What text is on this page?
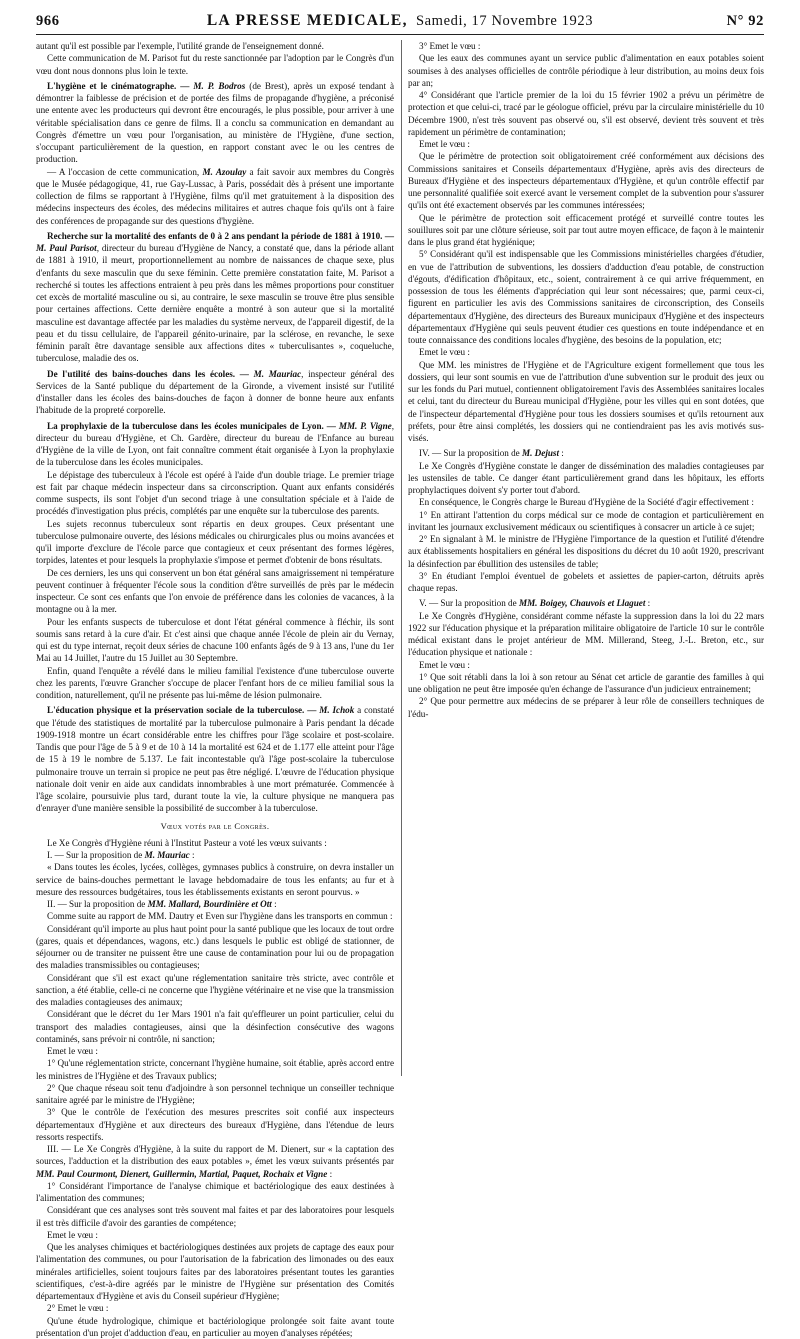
966	LA PRESSE MEDICALE, Samedi, 17 Novembre 1923	N° 92

autant qu'il est possible par l'exemple, l'utilité grande de l'enseignement donné.

Cette communication de M. Parisot fut du reste sanctionnée par l'adoption par le Congrès d'un vœu dont nous donnons plus loin le texte.

L'hygiène et le cinématographe. — M. P. Bodros (de Brest), après un exposé tendant à démontrer la faiblesse de précision et de portée des films de propagande d'hygiène, a préconisé une entente avec les producteurs qui devront être encouragés, le plus possible, pour arriver à une véritable spécialisation dans ce genre de films. Il a conclu sa communication en demandant au Congrès d'émettre un vœu pour l'organisation, au ministère de l'Hygiène, d'une section, s'occupant particulièrement de la question, en rapport constant avec le ou les centres de production.

— A l'occasion de cette communication, M. Azoulay a fait savoir aux membres du Congrès que le Musée pédagogique, 41, rue Gay-Lussac, à Paris, possédait dès à présent une importante collection de films se rapportant à l'Hygiène, films qu'il met gratuitement à la disposition des médecins inspecteurs des écoles, des médecins militaires et autres chaque fois qu'ils ont à faire des conférences de propagande sur des questions d'hygiène.

Recherche sur la mortalité des enfants de 0 à 2 ans pendant la période de 1881 à 1910. — M. Paul Parisot, directeur du bureau d'Hygiène de Nancy, a constaté que, dans la période allant de 1881 à 1910, il meurt, proportionnellement au nombre de naissances de chaque sexe, plus d'enfants du sexe masculin que du sexe féminin. Cette première constatation faite, M. Parisot a recherché si toutes les affections entraient à peu près dans les mêmes proportions pour constituer cet excès de mortalité masculine ou si, au contraire, le sexe masculin se trouve être plus sensible pour certaines affections. Cette dernière enquête a montré à son auteur que si la mortalité masculine est davantage affectée par les maladies du système nerveux, de l'appareil digestif, de la peau et du tissu cellulaire, de l'appareil génito-urinaire, par la sclérose, en revanche, le sexe féminin paraît être davantage sensible aux affections dites « tuberculisantes », coqueluche, tuberculose, maladie des os.

De l'utilité des bains-douches dans les écoles. — M. Mauriac, inspecteur général des Services de la Santé publique du département de la Gironde, a vivement insisté sur l'utilité d'installer dans les écoles des bains-douches de façon à donner de bonne heure aux enfants l'habitude de la propreté corporelle.

La prophylaxie de la tuberculose dans les écoles municipales de Lyon. — MM. P. Vigne, directeur du bureau d'Hygiène, et Ch. Gardère, directeur du bureau de l'Enfance au bureau d'Hygiène de la ville de Lyon, ont fait connaître comment était organisée à Lyon la prophylaxie de la tuberculose dans les écoles municipales.

Le dépistage des tuberculeux à l'école est opéré à l'aide d'un double triage. Le premier triage est fait par chaque médecin inspecteur dans sa circonscription. Quant aux enfants considérés comme suspects, ils sont l'objet d'un second triage à une consultation spéciale et à l'aide de procédés d'investigation plus précis, complétés par une enquête sur la tuberculose des parents.

Les sujets reconnus tuberculeux sont répartis en deux groupes. Ceux présentant une tuberculose pulmonaire ouverte, des lésions médicales ou chirurgicales plus ou moins avancées et qu'il importe d'exclure de l'école parce que contagieux et ceux présentant des formes légères, torpides, latentes et pour lesquels la prophylaxie s'impose et permet d'obtenir de bons résultats.

De ces derniers, les uns qui conservent un bon état général sans amaigrissement ni température peuvent continuer à fréquenter l'école sous la condition d'être surveillés de près par le médecin inspecteur. Ce sont ces enfants que l'on envoie de préférence dans les colonies de vacances, à la montagne ou à la mer.

Pour les enfants suspects de tuberculose et dont l'état général commence à fléchir, ils sont soumis sans retard à la cure d'air. Et c'est ainsi que chaque année l'école de plein air du Vernay, qui est du type internat, reçoit deux séries de chacune 100 enfants âgés de 9 à 13 ans, l'une du 1er Mai au 14 Juillet, l'autre du 15 Juillet au 30 Septembre.

Enfin, quand l'enquête a révélé dans le milieu familial l'existence d'une tuberculose ouverte chez les parents, l'œuvre Grancher s'occupe de placer l'enfant hors de ce milieu familial sous la condition, naturellement, qu'il ne présente pas lui-même de lésion pulmonaire.

L'éducation physique et la préservation sociale de la tuberculose. — M. Ichok a constaté que l'étude des statistiques de mortalité par la tuberculose pulmonaire à Paris pendant la décade 1909-1918 montre un écart considérable entre les chiffres pour l'âge scolaire et post-scolaire. Tandis que pour l'âge de 5 à 9 et de 10 à 14 la mortalité est 624 et de 1.177 elle atteint pour l'âge de 15 à 19 le nombre de 5.137. Le fait incontestable qu'à l'âge post-scolaire la tuberculose pulmonaire trouve un terrain si propice ne peut pas être négligé. L'œuvre de l'éducation physique nationale doit venir en aide aux candidats innombrables à une mort prématurée. Commencée à l'âge scolaire, poursuivie plus tard, durant toute la vie, la culture physique ne manquera pas d'enrayer d'une manière sensible la possibilité de succomber à la tuberculose.

Vœux votés par le Congrès.

Le Xe Congrès d'Hygiène réuni à l'Institut Pasteur a voté les vœux suivants :

I. — Sur la proposition de M. Mauriac :

« Dans toutes les écoles, lycées, collèges, gymnases publics à construire, on devra installer un service de bains-douches permettant le lavage hebdomadaire de tous les enfants; au fur et à mesure des ressources budgétaires, tous les établissements existants en seront pourvus. »

II. — Sur la proposition de MM. Mallard, Bourdinière et Ott :

Comme suite au rapport de MM. Dautry et Even sur l'hygiène dans les transports en commun :

Considérant qu'il importe au plus haut point pour la santé publique que les locaux de tout ordre (gares, quais et dépendances, wagons, etc.) dans lesquels le public est obligé de stationner, de séjourner ou de transiter ne puissent être une cause de contamination pour lui ou de propagation des maladies transmissibles ou contagieuses;

Considérant que s'il est exact qu'une réglementation sanitaire très stricte, avec contrôle et sanction, a été établie, celle-ci ne concerne que l'hygiène vétérinaire et ne vise que la transmission des maladies contagieuses des animaux;

Considérant que le décret du 1er Mars 1901 n'a fait qu'effleurer un point particulier, celui du transport des maladies contagieuses, ainsi que la désinfection consécutive des wagons contaminés, sans prévoir ni contrôle, ni sanction;

Emet le vœu :

1° Qu'une réglementation stricte, concernant l'hygiène humaine, soit établie, après accord entre les ministres de l'Hygiène et des Travaux publics;

2° Que chaque réseau soit tenu d'adjoindre à son personnel technique un conseiller technique sanitaire agréé par le ministre de l'Hygiène;

3° Que le contrôle de l'exécution des mesures prescrites soit confié aux inspecteurs départementaux d'Hygiène et aux directeurs des bureaux d'Hygiène, dans l'étendue de leurs ressorts respectifs.

III. — Le Xe Congrès d'Hygiène, à la suite du rapport de M. Dienert, sur « la captation des sources, l'adduction et la distribution des eaux potables », émet les vœux suivants présentés par MM. Paul Courmont, Dienert, Guillermin, Martial, Paquet, Rochaix et Vigne :

1° Considérant l'importance de l'analyse chimique et bactériologique des eaux destinées à l'alimentation des communes;

Considérant que ces analyses sont très souvent mal faites et par des laboratoires pour lesquels il est très difficile d'avoir des garanties de compétence;

Emet le vœu :

Que les analyses chimiques et bactériologiques destinées aux projets de captage des eaux pour l'alimentation des communes, ou pour l'autorisation de la fabrication des limonades ou des eaux minérales artificielles, soient toujours faites par des laboratoires présentant toutes les garanties scientifiques, c'est-à-dire agréés par le ministre de l'Hygiène sur présentation des Comités départementaux d'Hygiène et avis du Conseil supérieur d'Hygiène;

2° Emet le vœu :

Qu'une étude hydrologique, chimique et bactériologique prolongée soit faite avant toute présentation d'un projet d'adduction d'eau, en particulier au moyen d'analyses répétées;

3° Emet le vœu :

Que les eaux des communes ayant un service public d'alimentation en eaux potables soient soumises à des analyses officielles de contrôle périodique à leur distribution, au moins deux fois par an;

4° Considérant que l'article premier de la loi du 15 février 1902 a prévu un périmètre de protection et que celui-ci, tracé par le géologue officiel, prévu par la circulaire ministérielle du 10 Décembre 1900, n'est très souvent pas observé ou, s'il est observé, devient très souvent et très rapidement un périmètre de contamination;

Emet le vœu :

Que le périmètre de protection soit obligatoirement créé conformément aux décisions des Commissions sanitaires et Conseils départementaux d'Hygiène, après avis des directeurs de Bureaux d'Hygiène et des inspecteurs départementaux d'Hygiène, et qu'un contrôle effectif par une personnalité qualifiée soit exercé avant le versement complet de la subvention pour s'assurer qu'ils ont été exactement observés par les communes intéressées;

Que le périmètre de protection soit efficacement protégé et surveillé contre toutes les souillures soit par une clôture sérieuse, soit par tout autre moyen efficace, de façon à le maintenir dans le plus grand état hygiénique;

5° Considérant qu'il est indispensable que les Commissions ministérielles chargées d'étudier, en vue de l'attribution de subventions, les dossiers d'adduction d'eau potable, de construction d'égouts, d'édification d'hôpitaux, etc., soient, contrairement à ce qui arrive fréquemment, en possession de tous les éléments d'appréciation qui leur sont nécessaires; que, parmi ceux-ci, figurent en particulier les avis des Commissions sanitaires de circonscription, des Conseils départementaux d'Hygiène, des directeurs des Bureaux municipaux d'Hygiène et des inspecteurs départementaux d'Hygiène qui seuls peuvent étudier ces questions en toute indépendance et en toute connaissance des conditions locales d'hygiène, des besoins de la population, etc;

Emet le vœu :

Que MM. les ministres de l'Hygiène et de l'Agriculture exigent formellement que tous les dossiers, qui leur sont soumis en vue de l'attribution d'une subvention sur le produit des jeux ou sur les fonds du Pari mutuel, contiennent obligatoirement l'avis des Assemblées sanitaires locales et celui, tant du directeur du Bureau municipal d'Hygiène, pour les villes qui en sont dotées, que de l'inspecteur départemental d'Hygiène pour tous les dossiers soumises et qu'ils retournent aux préfets, pour être ainsi complétés, les dossiers qui ne contiendraient pas les avis motivés sus-visés.

IV. — Sur la proposition de M. Dejust :

Le Xe Congrès d'Hygiène constate le danger de dissémination des maladies contagieuses par les ustensiles de table. Ce danger étant particulièrement grand dans les hôpitaux, les efforts prophylactiques doivent s'y porter tout d'abord.

En conséquence, le Congrès charge le Bureau d'Hygiène de la Société d'agir effectivement :

1° En attirant l'attention du corps médical sur ce mode de contagion et particulièrement en invitant les journaux exclusivement médicaux ou scientifiques à consacrer un article à ce sujet;

2° En signalant à M. le ministre de l'Hygiène l'importance de la question et l'utilité d'étendre aux établissements hospitaliers en général les dispositions du décret du 10 août 1920, prescrivant la désinfection par ébullition des ustensiles de table;

3° En étudiant l'emploi éventuel de gobelets et assiettes de papier-carton, détruits après chaque repas.

V. — Sur la proposition de MM. Boigey, Chauvois et Llaguet :

Le Xe Congrès d'Hygiène, considérant comme néfaste la suppression dans la loi du 22 mars 1922 sur l'éducation physique et la préparation militaire obligatoire de l'article 10 sur le contrôle médical existant dans le projet antérieur de MM. Millerand, Steeg, J.-L. Breton, etc., sur l'éducation physique et nationale :

Emet le vœu :

1° Que soit rétabli dans la loi à son retour au Sénat cet article de garantie des familles à qui une obligation ne peut être imposée qu'en échange de l'assurance d'un judicieux entrainement;

2° Que pour permettre aux médecins de se préparer à leur rôle de conseillers techniques de l'édu-
